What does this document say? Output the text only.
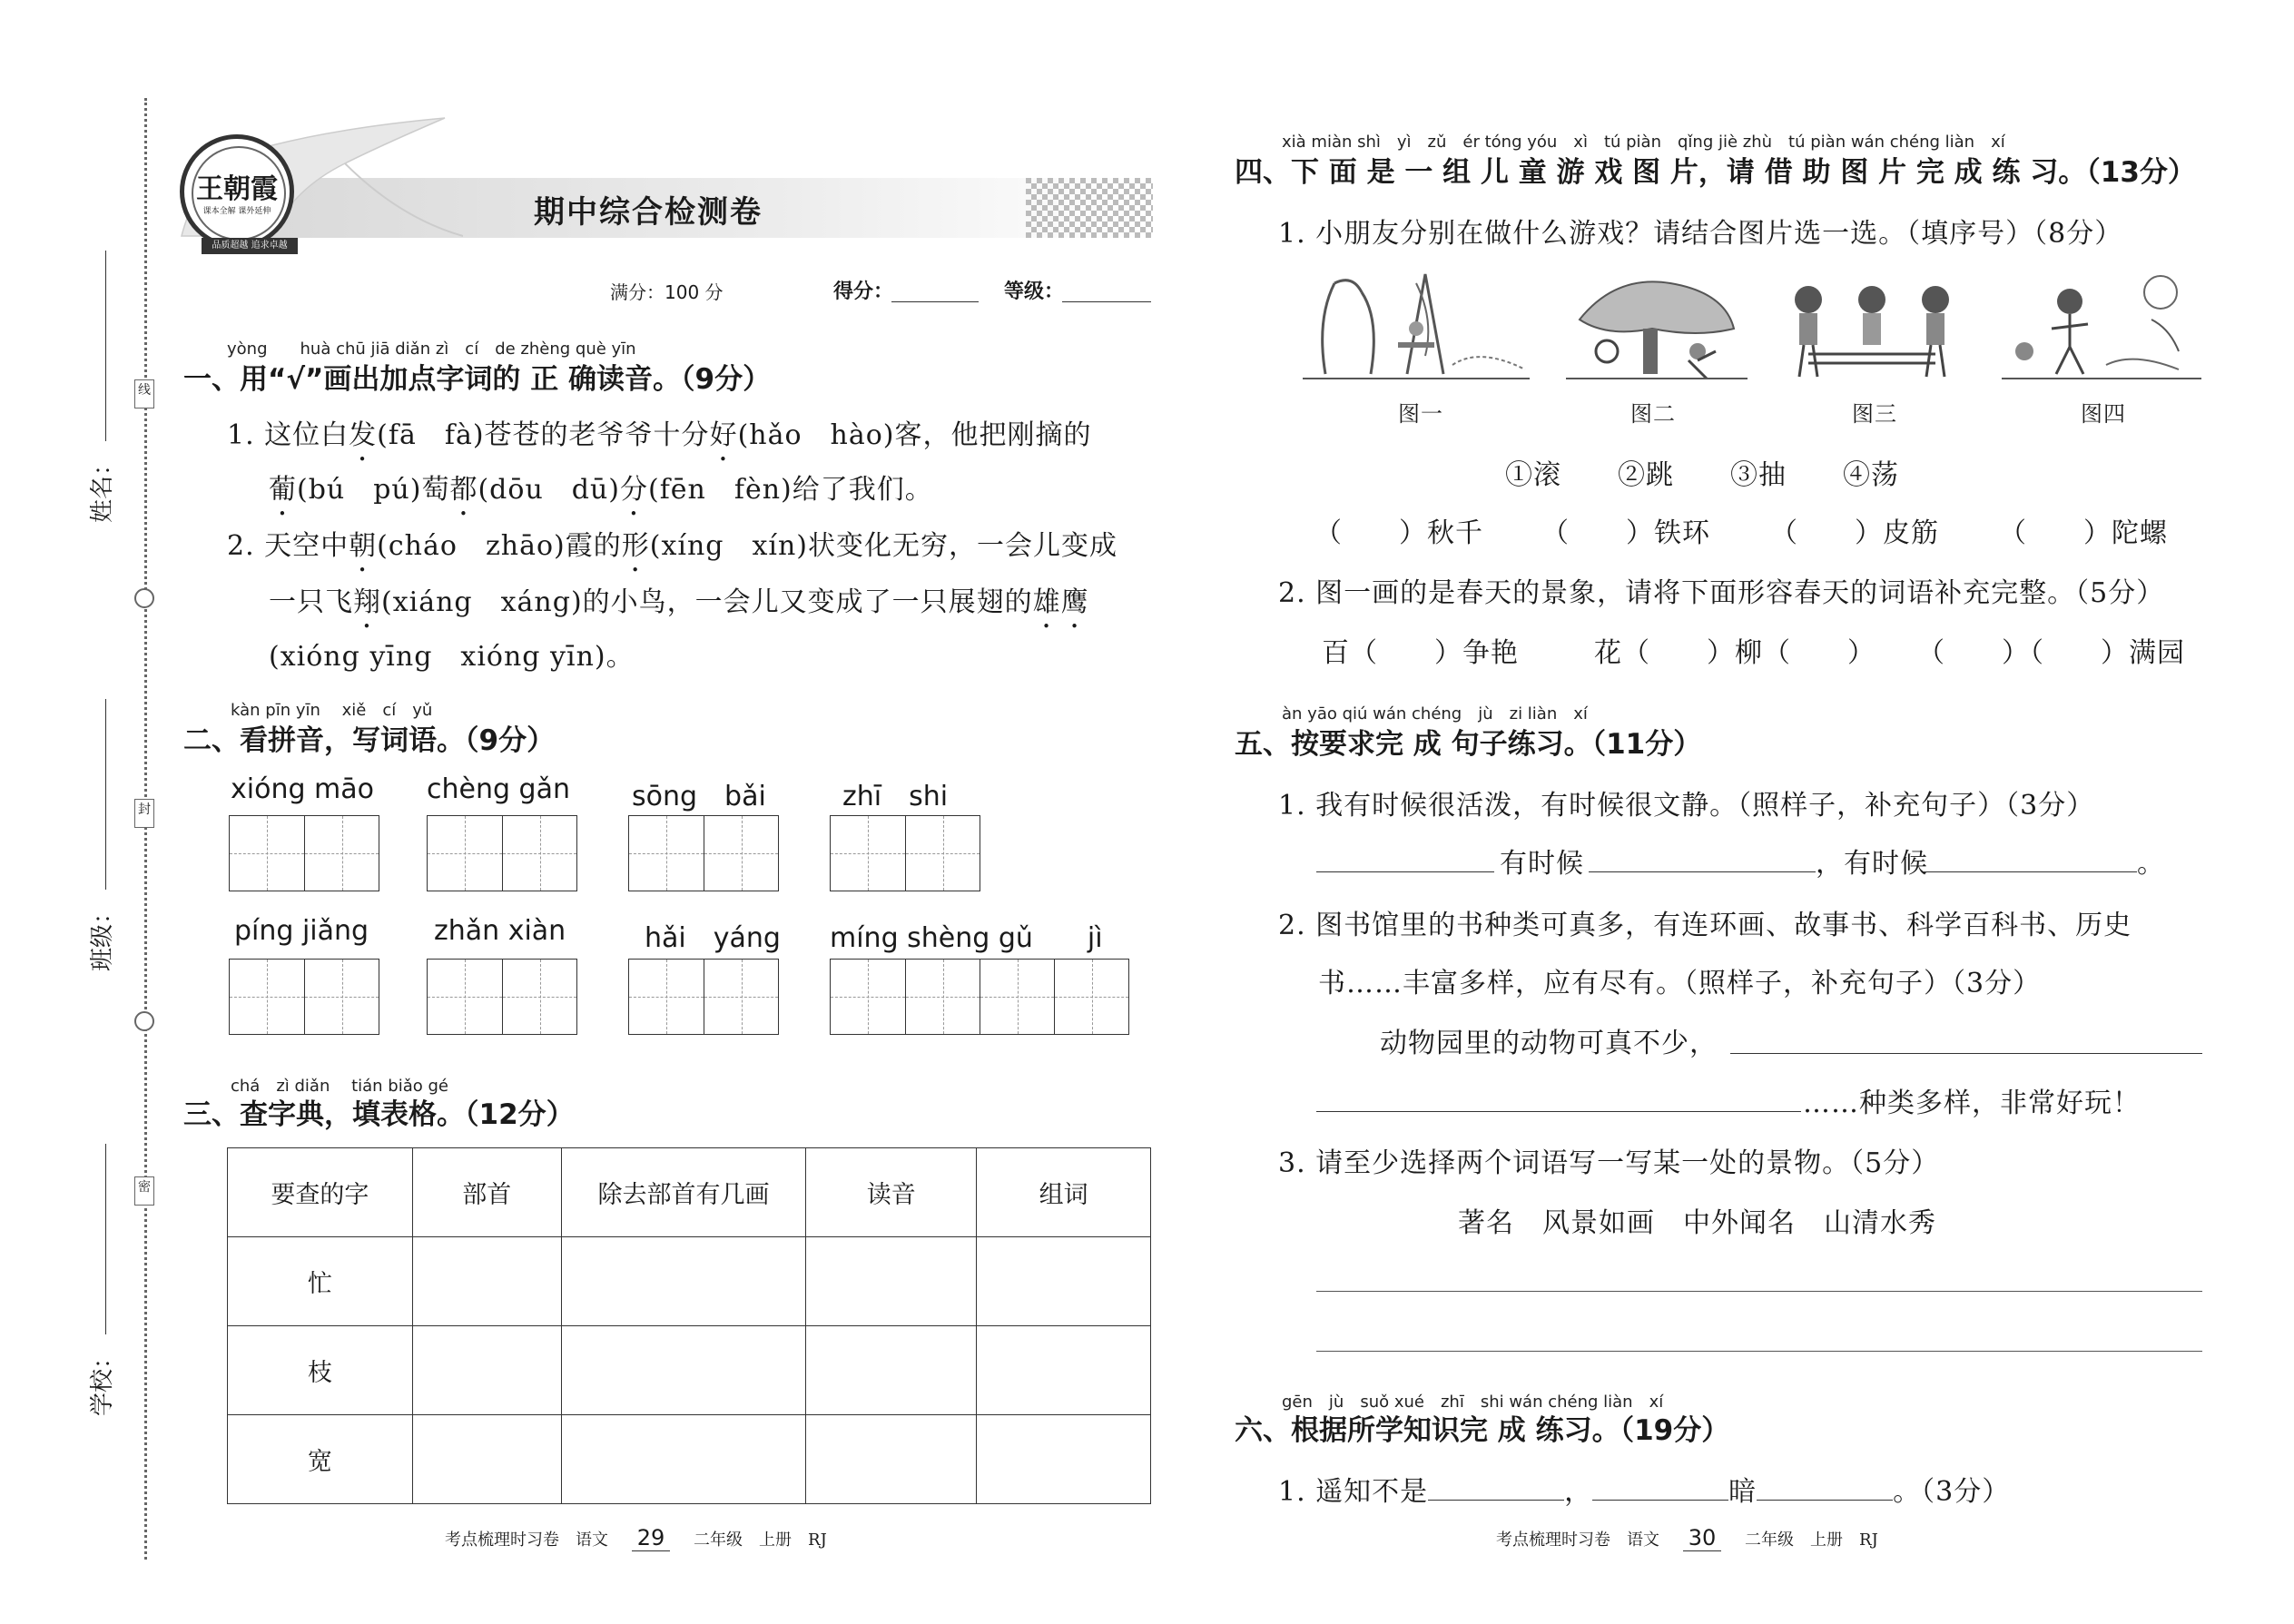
线
封
密
姓名：
班级：
学校：
王朝霞
课本全解 课外延伸
品质超越 追求卓越
期中综合检测卷
满分：100 分	得分：	等级：
yòng　　huà chū jiā diǎn zì　cí　de zhèng què yīn
一、用“√”画出加点字词的 正 确读音。（9分）
1. 这位白发(fā　fà)苍苍的老爷爷十分好(hǎo　hào)客，他把刚摘的
葡(bú　pú)萄都(dōu　dū)分(fēn　fèn)给了我们。
2. 天空中朝(cháo　zhāo)霞的形(xíng　xín)状变化无穷，一会儿变成
一只飞翔(xiáng　xáng)的小鸟，一会儿又变成了一只展翅的雄鹰
(xióng yīng　xióng yīn)。
kàn pīn yīn　 xiě　cí　yǔ
二、看拼音，写词语。（9分）
xióng māo chèng gǎn sōng　bǎi	zhī　shi
píng jiǎng zhǎn xiàn	hǎi　yáng míng shèng gǔ　　jì
chá　zì diǎn　 tián biǎo gé
三、查字典，填表格。（12分）
要查的字	部首	除去部首有几画	读音	组词
忙				
枝				
宽				
考点梳理时习卷　语文 29 二年级　上册　RJ
xià miàn shì　yì　zǔ　ér tóng yóu　xì　tú piàn　qǐng jiè zhù　tú piàn wán chéng liàn　xí
四、下 面 是 一 组 儿 童 游 戏 图 片，请 借 助 图 片 完 成 练 习。（13分）
1. 小朋友分别在做什么游戏？请结合图片选一选。（填序号）（8分）
图一	图二	图三	图四
①滚　　②跳　　③抽　　④荡
（　　）秋千 （　　）铁环 （　　）皮筋 （　　）陀螺
2. 图一画的是春天的景象，请将下面形容春天的词语补充完整。（5分）
百（　　）争艳	花（　　）柳（　　） （　　）（　　）满园
àn yāo qiú wán chéng　jù　zi liàn　xí
五、按要求完 成 句子练习。（11分）
1. 我有时候很活泼，有时候很文静。（照样子，补充句子）（3分）
有时候	，有时候	。
2. 图书馆里的书种类可真多，有连环画、故事书、科学百科书、历史
书……丰富多样，应有尽有。（照样子，补充句子）（3分）
动物园里的动物可真不少，
……种类多样，非常好玩！
3. 请至少选择两个词语写一写某一处的景物。（5分）
著名　风景如画　中外闻名　山清水秀
gēn　jù　suǒ xué　zhī　shi wán chéng liàn　xí
六、根据所学知识完 成 练习。（19分）
1. 遥知不是	，	暗	。（3分）
考点梳理时习卷　语文 30 二年级　上册　RJ
